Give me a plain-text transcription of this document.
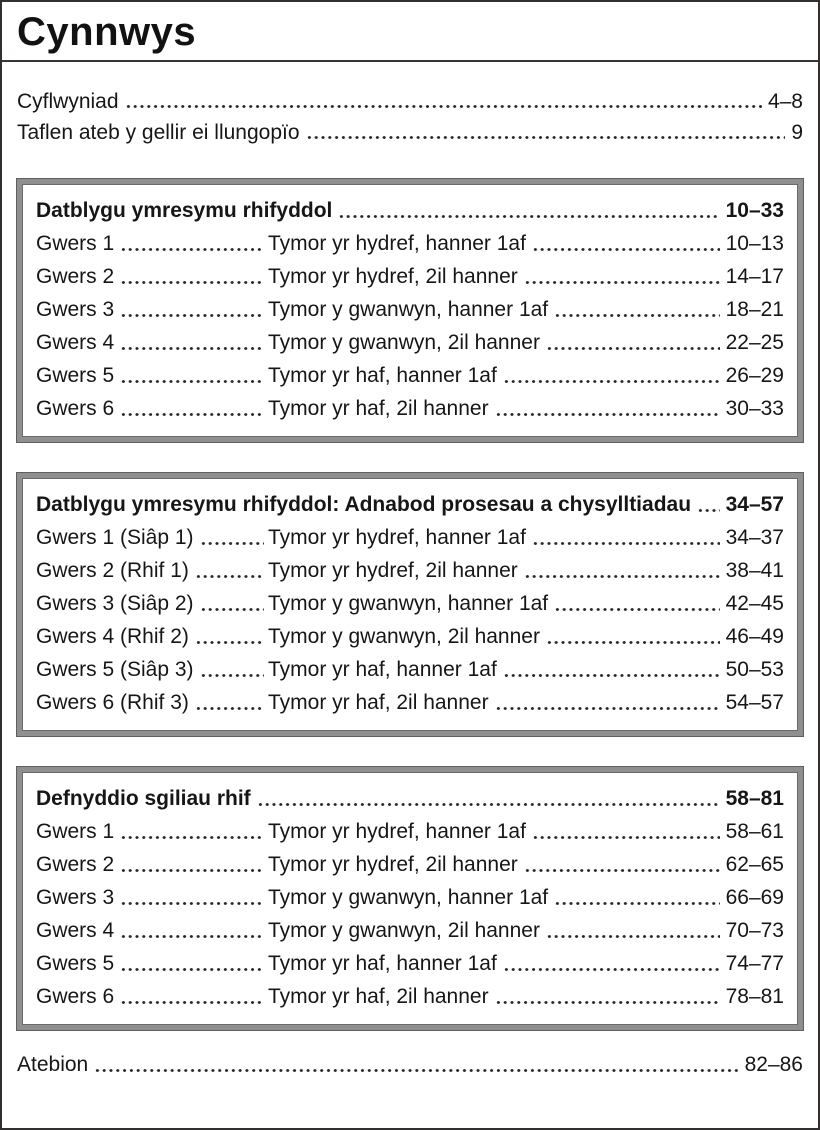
Cynnwys
Cyflwyniad	4–8
Taflen ateb y gellir ei llungopïo	9
Datblygu ymresymu rhifyddol	10–33
Gwers 1	Tymor yr hydref, hanner 1af	10–13
Gwers 2	Tymor yr hydref, 2il hanner	14–17
Gwers 3	Tymor y gwanwyn, hanner 1af	18–21
Gwers 4	Tymor y gwanwyn, 2il hanner	22–25
Gwers 5	Tymor yr haf, hanner 1af	26–29
Gwers 6	Tymor yr haf, 2il hanner	30–33
Datblygu ymresymu rhifyddol: Adnabod prosesau a chysylltiadau 34–57
Gwers 1 (Siâp 1)	Tymor yr hydref, hanner 1af	34–37
Gwers 2 (Rhif 1)	Tymor yr hydref, 2il hanner	38–41
Gwers 3 (Siâp 2)	Tymor y gwanwyn, hanner 1af	42–45
Gwers 4 (Rhif 2)	Tymor y gwanwyn, 2il hanner	46–49
Gwers 5 (Siâp 3)	Tymor yr haf, hanner 1af	50–53
Gwers 6 (Rhif 3)	Tymor yr haf, 2il hanner	54–57
Defnyddio sgiliau rhif	58–81
Gwers 1	Tymor yr hydref, hanner 1af	58–61
Gwers 2	Tymor yr hydref, 2il hanner	62–65
Gwers 3	Tymor y gwanwyn, hanner 1af	66–69
Gwers 4	Tymor y gwanwyn, 2il hanner	70–73
Gwers 5	Tymor yr haf, hanner 1af	74–77
Gwers 6	Tymor yr haf, 2il hanner	78–81
Atebion	82–86
